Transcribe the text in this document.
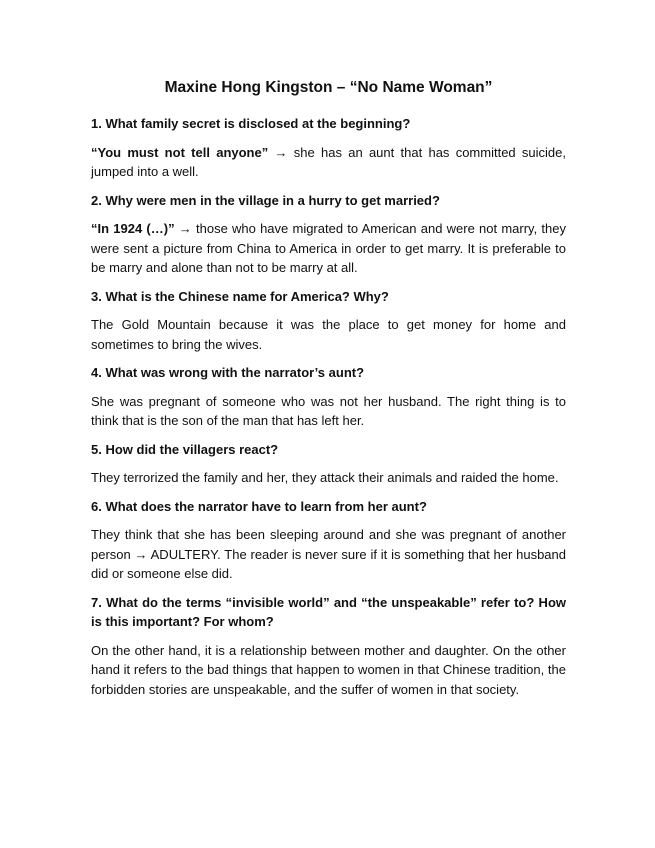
Maxine Hong Kingston – “No Name Woman”

1. What family secret is disclosed at the beginning?

“You must not tell anyone” → she has an aunt that has committed suicide, jumped into a well.

2. Why were men in the village in a hurry to get married?

“In 1924 (…)” → those who have migrated to American and were not marry, they were sent a picture from China to America in order to get marry. It is preferable to be marry and alone than not to be marry at all.

3. What is the Chinese name for America? Why?

The Gold Mountain because it was the place to get money for home and sometimes to bring the wives.

4. What was wrong with the narrator’s aunt?

She was pregnant of someone who was not her husband. The right thing is to think that is the son of the man that has left her.

5. How did the villagers react?

They terrorized the family and her, they attack their animals and raided the home.

6. What does the narrator have to learn from her aunt?

They think that she has been sleeping around and she was pregnant of another person → ADULTERY. The reader is never sure if it is something that her husband did or someone else did.

7. What do the terms “invisible world” and “the unspeakable” refer to? How is this important? For whom?

On the other hand, it is a relationship between mother and daughter. On the other hand it refers to the bad things that happen to women in that Chinese tradition, the forbidden stories are unspeakable, and the suffer of women in that society.
